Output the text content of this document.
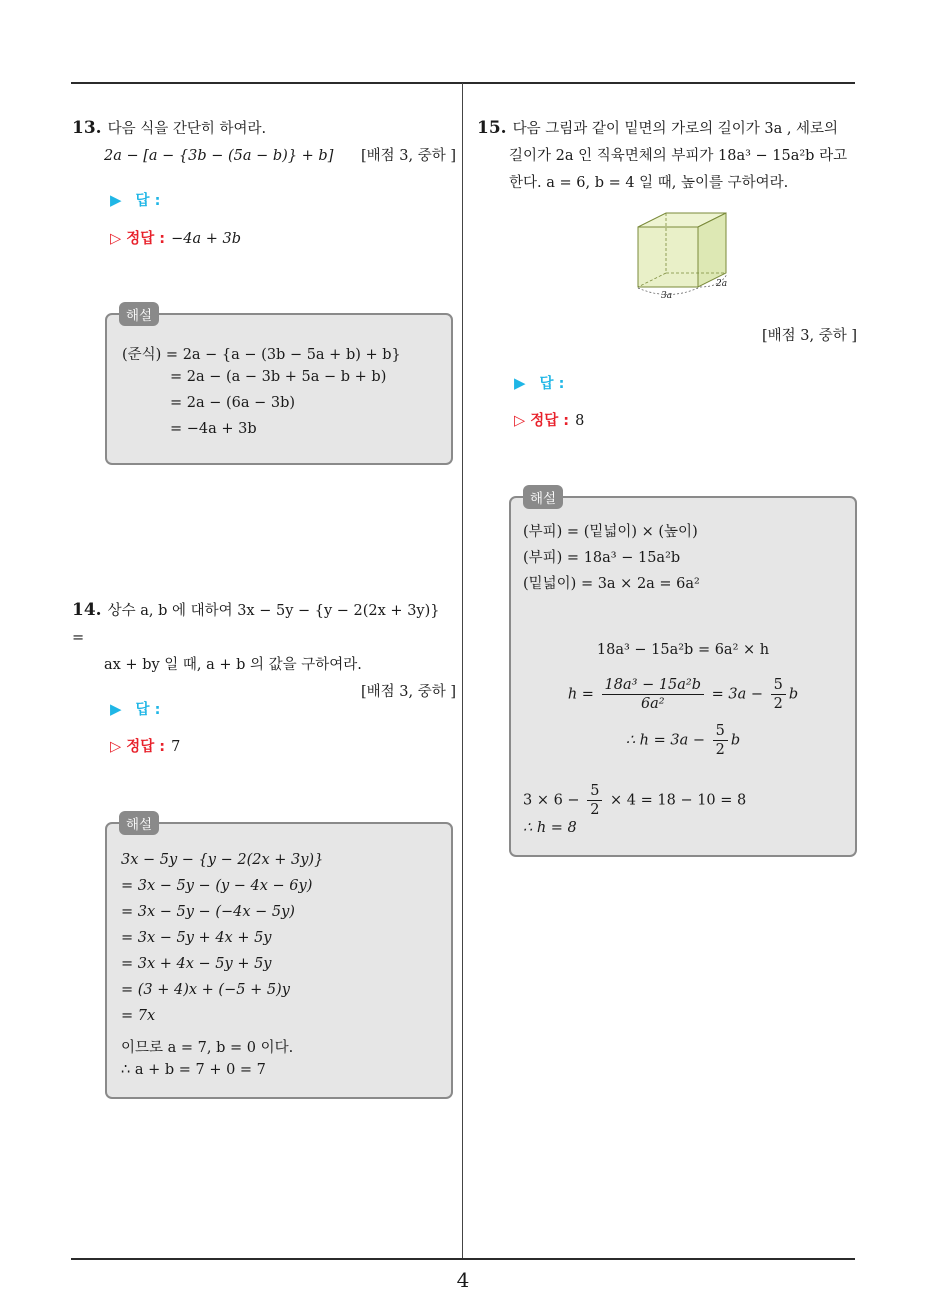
4
13. 다음 식을 간단히 하여라.
2a − [a − {3b − (5a − b)} + b] [배점 3, 중하 ]
▶ 답 :
▷ 정답 : −4a + 3b
해설
(준식) = 2a − {a − (3b − 5a + b) + b}
= 2a − (a − 3b + 5a − b + b)
= 2a − (6a − 3b)
= −4a + 3b
14. 상수 a, b 에 대하여 3x − 5y − {y − 2(2x + 3y)} =
ax + by 일 때, a + b 의 값을 구하여라.
[배점 3, 중하 ]
▶ 답 :
▷ 정답 : 7
해설
3x − 5y − {y − 2(2x + 3y)}
= 3x − 5y − (y − 4x − 6y)
= 3x − 5y − (−4x − 5y)
= 3x − 5y + 4x + 5y
= 3x + 4x − 5y + 5y
= (3 + 4)x + (−5 + 5)y
= 7x
이므로 a = 7, b = 0 이다.
∴ a + b = 7 + 0 = 7
15. 다음 그림과 같이 밑면의 가로의 길이가 3a , 세로의
길이가 2a 인 직육면체의 부피가 18a³ − 15a²b 라고
한다. a = 6, b = 4 일 때, 높이를 구하여라.
3a
2a
[배점 3, 중하 ]
▶ 답 :
▷ 정답 : 8
해설
(부피) = (밑넓이) × (높이)
(부피) = 18a³ − 15a²b
(밑넓이) = 3a × 2a = 6a²
18a³ − 15a²b = 6a² × h
$h = \frac{\text{18a³ − 15a²b}}{\text{6a²}} = 3a - \frac{5}{2}$ b
∴ $h = 3a - \frac{5}{2}$ b
$3 \times 6 - \frac{5}{2} \times 4 = 18 - 10 = 8$
∴ h = 8
